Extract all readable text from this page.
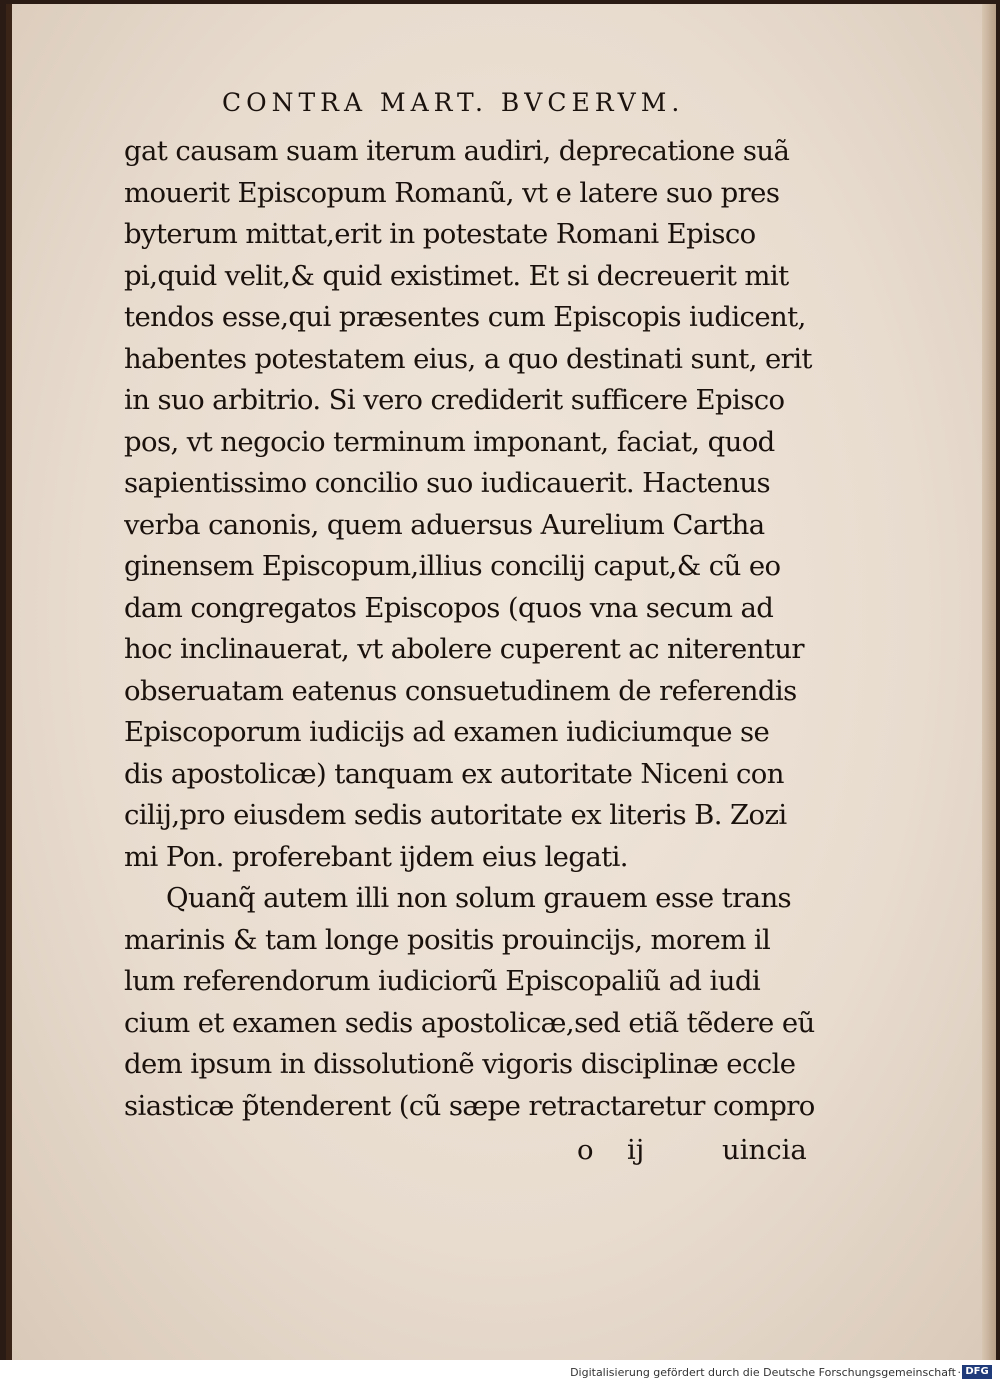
CONTRA MART. BVCERVM.
gat causam suam iterum audiri, deprecatione suã
mouerit Episcopum Romanũ, vt e latere suo pres
byterum mittat,erit in potestate Romani Episco
pi,quid velit,& quid existimet. Et si decreuerit mit
tendos esse,qui præsentes cum Episcopis iudicent,
habentes potestatem eius, a quo destinati sunt, erit
in suo arbitrio. Si vero crediderit sufficere Episco
pos, vt negocio terminum imponant, faciat, quod
sapientissimo concilio suo iudicauerit. Hactenus
verba canonis, quem aduersus Aurelium Cartha
ginensem Episcopum,illius concilij caput,& cũ eo
dam congregatos Episcopos (quos vna secum ad
hoc inclinauerat, vt abolere cuperent ac niterentur
obseruatam eatenus consuetudinem de referendis
Episcoporum iudicijs ad examen iudiciumque se
dis apostolicæ) tanquam ex autoritate Niceni con
cilij,pro eiusdem sedis autoritate ex literis B. Zozi
mi Pon. proferebant ijdem eius legati.
Quanq̃ autem illi non solum grauem esse trans
marinis & tam longe positis prouincijs, morem il
lum referendorum iudiciorũ Episcopaliũ ad iudi
cium et examen sedis apostolicæ,sed etiã tẽdere eũ
dem ipsum in dissolutionẽ vigoris disciplinæ eccle
siasticæ p̃tenderent (cũ sæpe retractaretur compro
o ij	uincia
Digitalisierung gefördert durch die Deutsche Forschungsgemeinschaft · DFG
